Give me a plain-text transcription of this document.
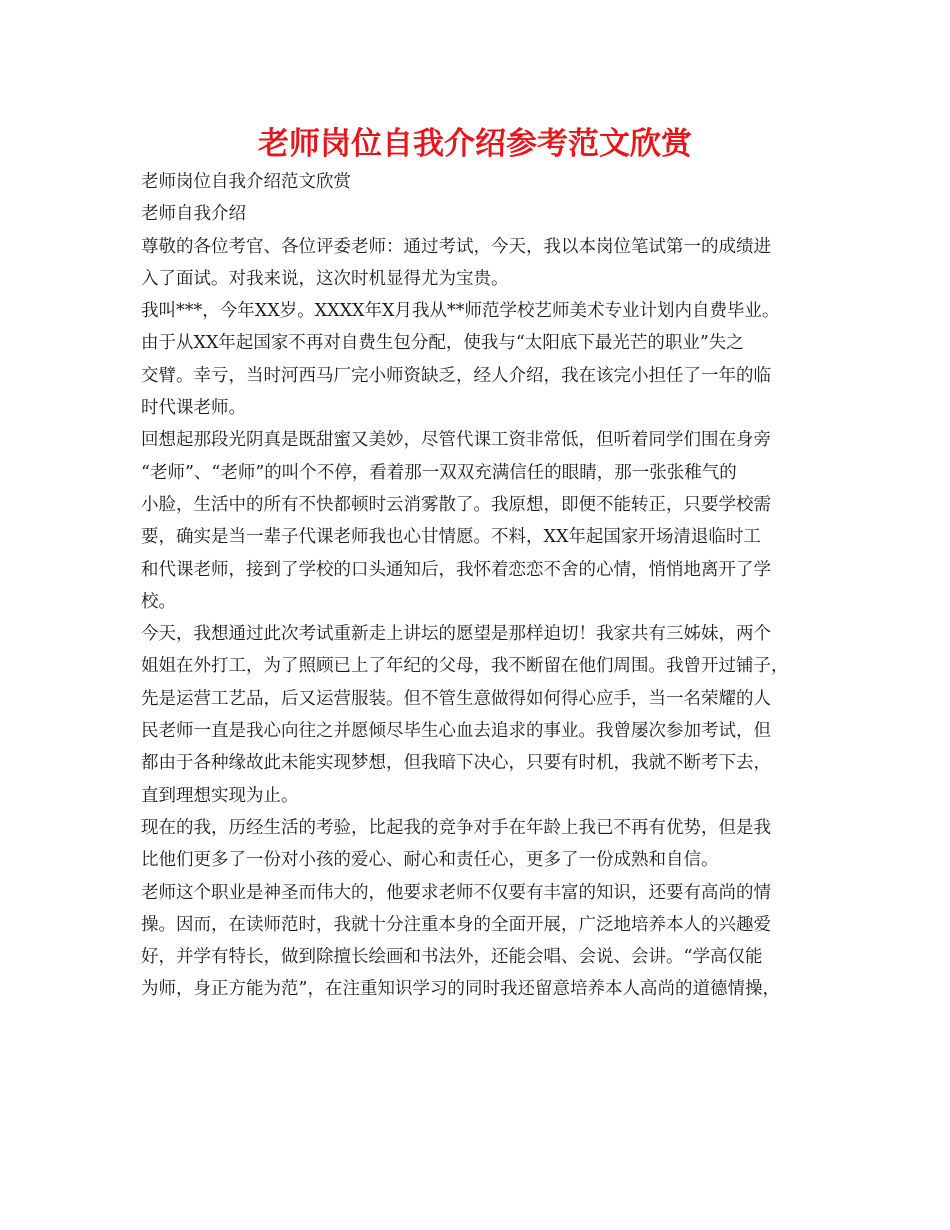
老师岗位自我介绍参考范文欣赏
老师岗位自我介绍范文欣赏
老师自我介绍
尊敬的各位考官、各位评委老师：通过考试，今天，我以本岗位笔试第一的成绩进
入了面试。对我来说，这次时机显得尤为宝贵。
我叫***，今年XX岁。XXXX年X月我从**师范学校艺师美术专业计划内自费毕业。
由于从XX年起国家不再对自费生包分配，使我与“太阳底下最光芒的职业”失之
交臂。幸亏，当时河西马厂完小师资缺乏，经人介绍，我在该完小担任了一年的临
时代课老师。
回想起那段光阴真是既甜蜜又美妙，尽管代课工资非常低，但听着同学们围在身旁
“老师”、“老师”的叫个不停，看着那一双双充满信任的眼睛，那一张张稚气的
小脸，生活中的所有不快都顿时云消雾散了。我原想，即便不能转正，只要学校需
要，确实是当一辈子代课老师我也心甘情愿。不料，XX年起国家开场清退临时工
和代课老师，接到了学校的口头通知后，我怀着恋恋不舍的心情，悄悄地离开了学
校。
今天，我想通过此次考试重新走上讲坛的愿望是那样迫切！我家共有三姊妹，两个
姐姐在外打工，为了照顾已上了年纪的父母，我不断留在他们周围。我曾开过铺子，
先是运营工艺品，后又运营服装。但不管生意做得如何得心应手，当一名荣耀的人
民老师一直是我心向往之并愿倾尽毕生心血去追求的事业。我曾屡次参加考试，但
都由于各种缘故此未能实现梦想，但我暗下决心，只要有时机，我就不断考下去，
直到理想实现为止。
现在的我，历经生活的考验，比起我的竞争对手在年龄上我已不再有优势，但是我
比他们更多了一份对小孩的爱心、耐心和责任心，更多了一份成熟和自信。
老师这个职业是神圣而伟大的，他要求老师不仅要有丰富的知识，还要有高尚的情
操。因而，在读师范时，我就十分注重本身的全面开展，广泛地培养本人的兴趣爱
好，并学有特长，做到除擅长绘画和书法外，还能会唱、会说、会讲。“学高仅能
为师，身正方能为范”，在注重知识学习的同时我还留意培养本人高尚的道德情操，
